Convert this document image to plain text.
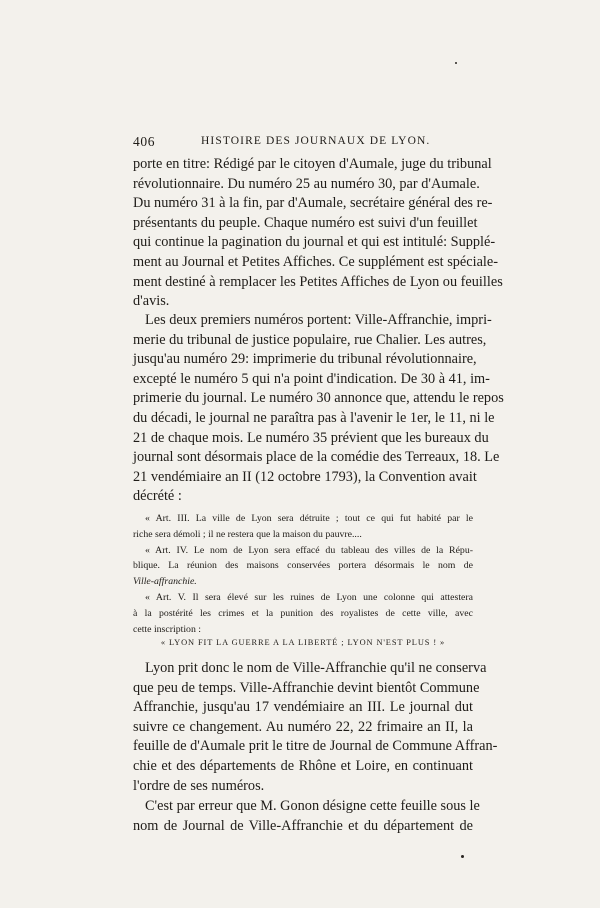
406	HISTOIRE DES JOURNAUX DE LYON.
porte en titre: Rédigé par le citoyen d'Aumale, juge du tribunal
révolutionnaire. Du numéro 25 au numéro 30, par d'Aumale.
Du numéro 31 à la fin, par d'Aumale, secrétaire général des re-
présentants du peuple. Chaque numéro est suivi d'un feuillet
qui continue la pagination du journal et qui est intitulé: Supplé-
ment au Journal et Petites Affiches. Ce supplément est spéciale-
ment destiné à remplacer les Petites Affiches de Lyon ou feuilles
d'avis.
Les deux premiers numéros portent: Ville-Affranchie, impri-
merie du tribunal de justice populaire, rue Chalier. Les autres,
jusqu'au numéro 29: imprimerie du tribunal révolutionnaire,
excepté le numéro 5 qui n'a point d'indication. De 30 à 41, im-
primerie du journal. Le numéro 30 annonce que, attendu le repos
du décadi, le journal ne paraîtra pas à l'avenir le 1er, le 11, ni le
21 de chaque mois. Le numéro 35 prévient que les bureaux du
journal sont désormais place de la comédie des Terreaux, 18. Le
21 vendémiaire an II (12 octobre 1793), la Convention avait
décrété :
« Art. III. La ville de Lyon sera détruite ; tout ce qui fut habité par le
riche sera démoli ; il ne restera que la maison du pauvre....
« Art. IV. Le nom de Lyon sera effacé du tableau des villes de la Répu-
blique. La réunion des maisons conservées portera désormais le nom de
Ville-affranchie.
« Art. V. Il sera élevé sur les ruines de Lyon une colonne qui attestera
à la postérité les crimes et la punition des royalistes de cette ville, avec
cette inscription :
« LYON FIT LA GUERRE A LA LIBERTÉ ; LYON N'EST PLUS ! »
Lyon prit donc le nom de Ville-Affranchie qu'il ne conserva
que peu de temps. Ville-Affranchie devint bientôt Commune
Affranchie, jusqu'au 17 vendémiaire an III. Le journal dut
suivre ce changement. Au numéro 22, 22 frimaire an II, la
feuille de d'Aumale prit le titre de Journal de Commune Affran-
chie et des départements de Rhône et Loire, en continuant
l'ordre de ses numéros.
C'est par erreur que M. Gonon désigne cette feuille sous le
nom de Journal de Ville-Affranchie et du département de
